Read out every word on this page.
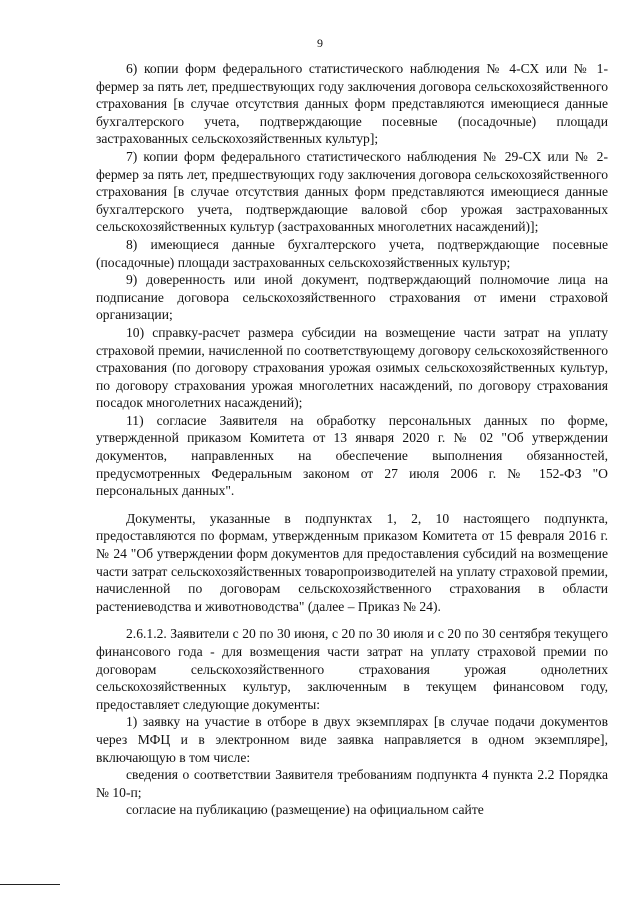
9

6) копии форм федерального статистического наблюдения № 4-СХ или № 1-фермер за пять лет, предшествующих году заключения договора сельскохозяйственного страхования [в случае отсутствия данных форм представляются имеющиеся данные бухгалтерского учета, подтверждающие посевные (посадочные) площади застрахованных сельскохозяйственных культур];

7) копии форм федерального статистического наблюдения № 29-СХ или № 2-фермер за пять лет, предшествующих году заключения договора сельскохозяйственного страхования [в случае отсутствия данных форм представляются имеющиеся данные бухгалтерского учета, подтверждающие валовой сбор урожая застрахованных сельскохозяйственных культур (застрахованных многолетних насаждений)];

8) имеющиеся данные бухгалтерского учета, подтверждающие посевные (посадочные) площади застрахованных сельскохозяйственных культур;

9) доверенность или иной документ, подтверждающий полномочие лица на подписание договора сельскохозяйственного страхования от имени страховой организации;

10) справку-расчет размера субсидии на возмещение части затрат на уплату страховой премии, начисленной по соответствующему договору сельскохозяйственного страхования (по договору страхования урожая озимых сельскохозяйственных культур, по договору страхования урожая многолетних насаждений, по договору страхования посадок многолетних насаждений);

11) согласие Заявителя на обработку персональных данных по форме, утвержденной приказом Комитета от 13 января 2020 г. № 02 "Об утверждении документов, направленных на обеспечение выполнения обязанностей, предусмотренных Федеральным законом от 27 июля 2006 г. № 152-ФЗ "О персональных данных".

Документы, указанные в подпунктах 1, 2, 10 настоящего подпункта, предоставляются по формам, утвержденным приказом Комитета от 15 февраля 2016 г. № 24 "Об утверждении форм документов для предоставления субсидий на возмещение части затрат сельскохозяйственных товаропроизводителей на уплату страховой премии, начисленной по договорам сельскохозяйственного страхования в области растениеводства и животноводства" (далее – Приказ № 24).

2.6.1.2. Заявители с 20 по 30 июня, с 20 по 30 июля и с 20 по 30 сентября текущего финансового года - для возмещения части затрат на уплату страховой премии по договорам сельскохозяйственного страхования урожая однолетних сельскохозяйственных культур, заключенным в текущем финансовом году, предоставляет следующие документы:

1) заявку на участие в отборе в двух экземплярах [в случае подачи документов через МФЦ и в электронном виде заявка направляется в одном экземпляре], включающую в том числе:

сведения о соответствии Заявителя требованиям подпункта 4 пункта 2.2 Порядка № 10-п;

согласие на публикацию (размещение) на официальном сайте
